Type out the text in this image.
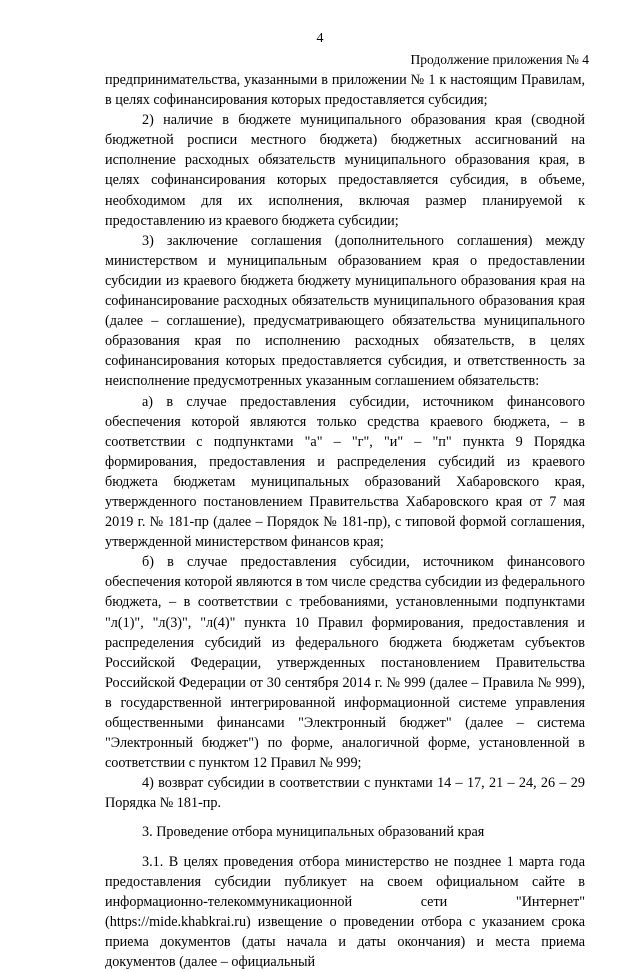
4
Продолжение приложения № 4

предпринимательства, указанными в приложении № 1 к настоящим Правилам, в целях софинансирования которых предоставляется субсидия;

2) наличие в бюджете муниципального образования края (сводной бюджетной росписи местного бюджета) бюджетных ассигнований на исполнение расходных обязательств муниципального образования края, в целях софинансирования которых предоставляется субсидия, в объеме, необходимом для их исполнения, включая размер планируемой к предоставлению из краевого бюджета субсидии;

3) заключение соглашения (дополнительного соглашения) между министерством и муниципальным образованием края о предоставлении субсидии из краевого бюджета бюджету муниципального образования края на софинансирование расходных обязательств муниципального образования края (далее – соглашение), предусматривающего обязательства муниципального образования края по исполнению расходных обязательств, в целях софинансирования которых предоставляется субсидия, и ответственность за неисполнение предусмотренных указанным соглашением обязательств:

а) в случае предоставления субсидии, источником финансового обеспечения которой являются только средства краевого бюджета, – в соответствии с подпунктами "а" – "г", "и" – "п" пункта 9 Порядка формирования, предоставления и распределения субсидий из краевого бюджета бюджетам муниципальных образований Хабаровского края, утвержденного постановлением Правительства Хабаровского края от 7 мая 2019 г. № 181-пр (далее – Порядок № 181-пр), с типовой формой соглашения, утвержденной министерством финансов края;

б) в случае предоставления субсидии, источником финансового обеспечения которой являются в том числе средства субсидии из федерального бюджета, – в соответствии с требованиями, установленными подпунктами "л(1)", "л(3)", "л(4)" пункта 10 Правил формирования, предоставления и распределения субсидий из федерального бюджета бюджетам субъектов Российской Федерации, утвержденных постановлением Правительства Российской Федерации от 30 сентября 2014 г. № 999 (далее – Правила № 999), в государственной интегрированной информационной системе управления общественными финансами "Электронный бюджет" (далее – система "Электронный бюджет") по форме, аналогичной форме, установленной в соответствии с пунктом 12 Правил № 999;

4) возврат субсидии в соответствии с пунктами 14 – 17, 21 – 24, 26 – 29 Порядка № 181-пр.

3. Проведение отбора муниципальных образований края

3.1. В целях проведения отбора министерство не позднее 1 марта года предоставления субсидии публикует на своем официальном сайте в информационно-телекоммуникационной сети "Интернет" (https://mide.khabkrai.ru) извещение о проведении отбора с указанием срока приема документов (даты начала и даты окончания) и места приема документов (далее – официальный
